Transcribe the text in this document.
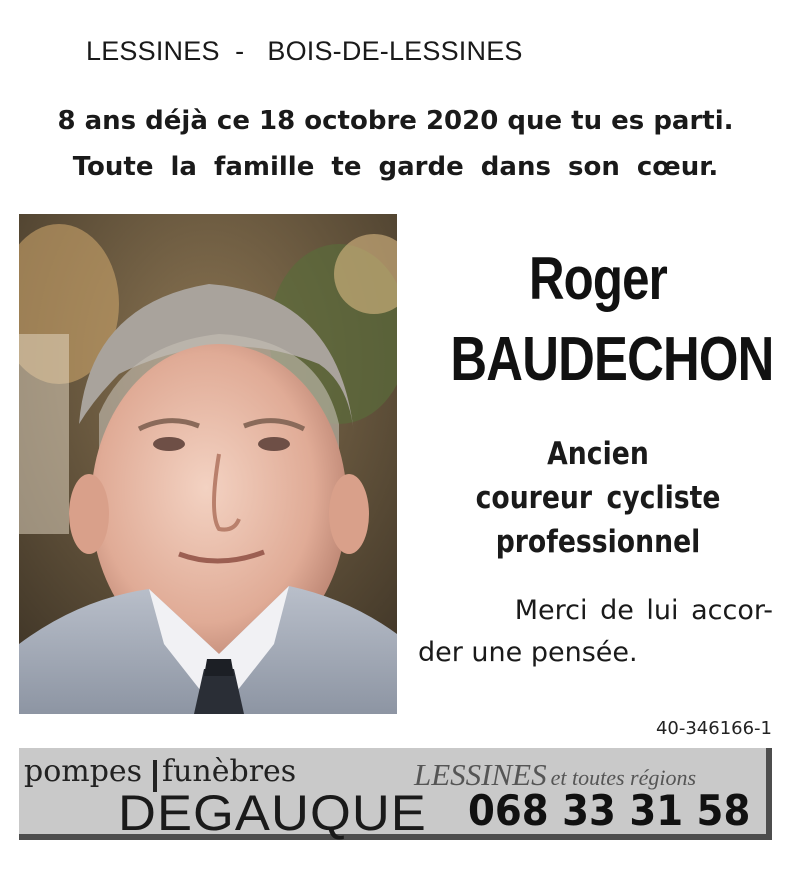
LESSINES  -   BOIS-DE-LESSINES
8 ans déjà ce 18 octobre 2020 que tu es parti.
Toute la famille te garde dans son cœur.
Roger
BAUDECHON
Ancien
coureur cycliste
professionnel
Merci de lui accor-
der une pensée.
40-346166-1
pompes funèbres
DEGAUQUE
LESSINES et toutes régions
068 33 31 58
